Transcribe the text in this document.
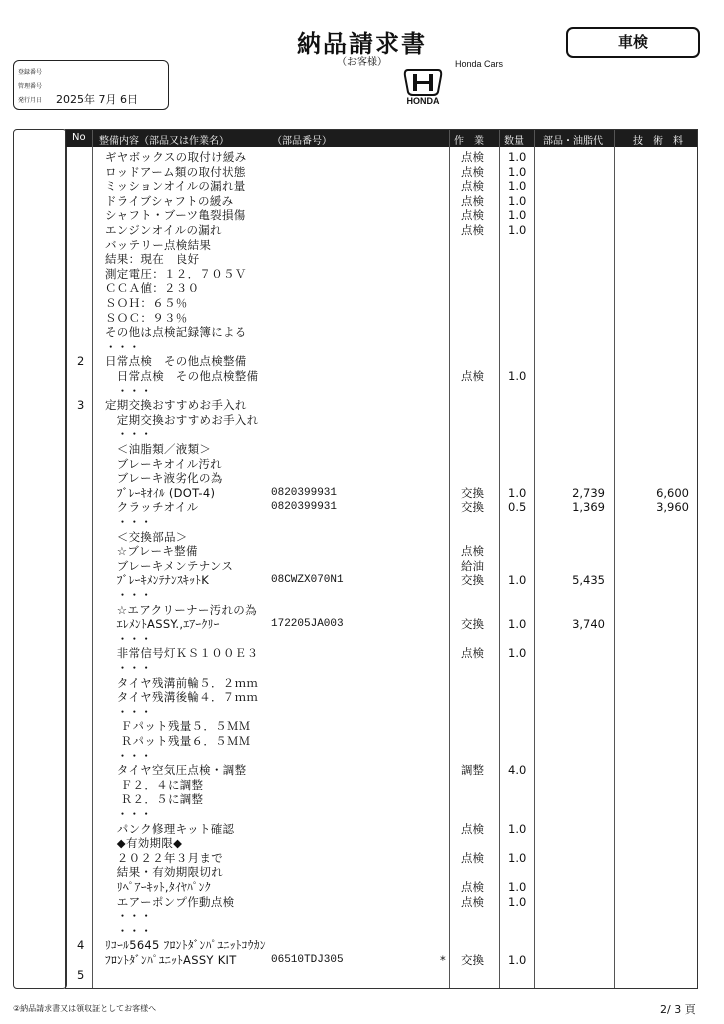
納品請求書
（お客様）
車検
Honda Cars
HONDA
登録番号
管理番号
発行月日 2025年 7月 6日
No 整備内容（部品又は作業名）	（部品番号）	作　業 数量 部品・油脂代	技　術　料
ギヤボックスの取付け緩み	点検 1.0
ロッドアーム類の取付状態	点検 1.0
ミッションオイルの漏れ量	点検 1.0
ドライブシャフトの緩み	点検 1.0
シャフト・ブーツ亀裂損傷	点検 1.0
エンジンオイルの漏れ	点検 1.0
バッテリー点検結果
結果：現在　良好
測定電圧：１２．７０５Ｖ
ＣＣＡ値：２３０
ＳＯＨ：６５％
ＳＯＣ：９３％
その他は点検記録簿による
・・・
2 日常点検　その他点検整備
　日常点検　その他点検整備	点検 1.0
　・・・
3 定期交換おすすめお手入れ
　定期交換おすすめお手入れ
　・・・
　＜油脂類／液類＞
　ブレーキオイル汚れ
　ブレーキ液劣化の為
　ﾌﾞﾚｰｷｵｲﾙ (DOT-4)	0820399931	交換 1.0	2,739	6,600
　クラッチオイル	0820399931	交換 0.5	1,369	3,960
　・・・
　＜交換部品＞
　☆ブレーキ整備	点検
　ブレーキメンテナンス	給油
　ﾌﾞﾚｰｷﾒﾝﾃﾅﾝｽｷｯﾄK	08CWZX070N1	交換 1.0	5,435
　・・・
　☆エアクリーナー汚れの為
　ｴﾚﾒﾝﾄASSY.,ｴｱｰｸﾘｰ	172205JA003	交換 1.0	3,740
　・・・
　非常信号灯ＫＳ１００Ｅ３	点検 1.0
　・・・
　タイヤ残溝前輪５．２ｍｍ
　タイヤ残溝後輪４．７ｍｍ
　・・・
　 Ｆパット残量５．５ＭＭ
　 Ｒパット残量６．５ＭＭ
　・・・
　タイヤ空気圧点検・調整	調整 4.0
　 Ｆ２．４に調整
　 Ｒ２．５に調整
　・・・
　パンク修理キット確認	点検 1.0
　◆有効期限◆
　２０２２年３月まで	点検 1.0
　結果・有効期限切れ
　ﾘﾍﾟｱｰｷｯﾄ,ﾀｲﾔﾊﾟﾝｸ	点検 1.0
　エアーポンプ作動点検	点検 1.0
　・・・
　・・・
4 ﾘｺｰﾙ5645 ﾌﾛﾝﾄﾀﾞﾝﾊﾟﾕﾆｯﾄｺｳｶﾝ
ﾌﾛﾝﾄﾀﾞﾝﾊﾟﾕﾆｯﾄASSY KIT	06510TDJ305	* 交換 1.0
5
②納品請求書又は領収証としてお客様へ	2/ 3 頁
